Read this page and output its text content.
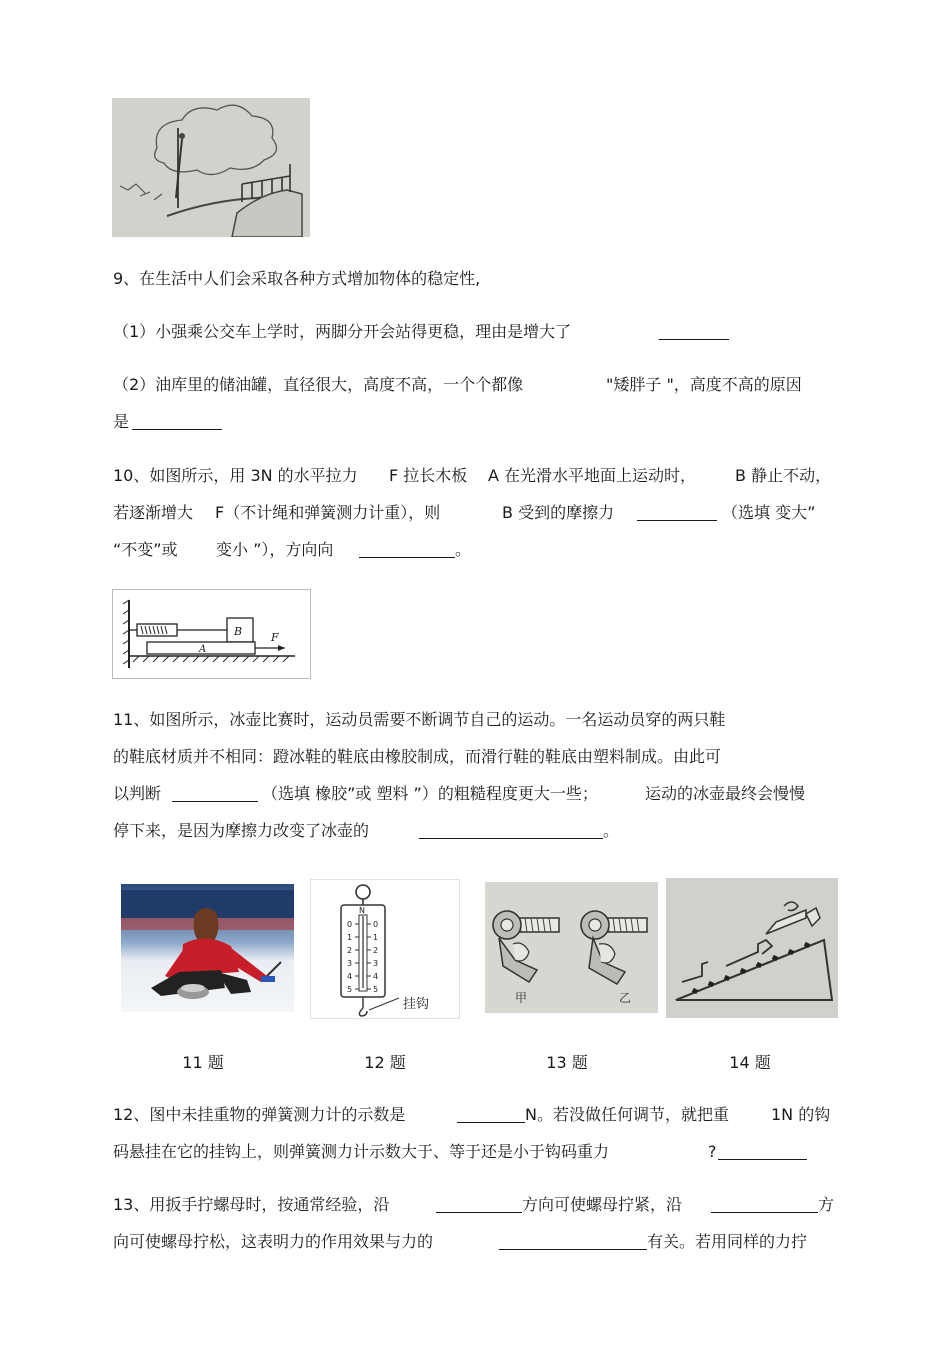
9、在生活中人们会采取各种方式增加物体的稳定性,
（1）小强乘公交车上学时，两脚分开会站得更稳，理由是增大了
（2）油库里的储油罐，直径很大，高度不高，一个个都像	"矮胖子 "，高度不高的原因
是
10、如图所示，用 3N 的水平拉力 F 拉长木板 A 在光滑水平地面上运动时， B 静止不动，
若逐渐增大 F（不计绳和弹簧测力计重），则	B 受到的摩擦力	（选填 变大”
“不变”或 变小 ”），方向向	。
B
A
F
11、如图所示，冰壶比赛时，运动员需要不断调节自己的运动。一名运动员穿的两只鞋
的鞋底材质并不相同：蹬冰鞋的鞋底由橡胶制成，而滑行鞋的鞋底由塑料制成。由此可
以判断	（选填 橡胶”或 塑料 ”）的粗糙程度更大一些；	运动的冰壶最终会慢慢
停下来，是因为摩擦力改变了冰壶的	。
N
0
1
2
3
4
5
0
1
2
3
4
5
挂钩	甲	乙
11 题	12 题	13 题	14 题
12、图中未挂重物的弹簧测力计的示数是	N。若没做任何调节，就把重	1N 的钩
码悬挂在它的挂钩上，则弹簧测力计示数大于、等于还是小于钩码重力	?
13、用扳手拧螺母时，按通常经验，沿	方向可使螺母拧紧，沿	方
向可使螺母拧松，这表明力的作用效果与力的	有关。若用同样的力拧
